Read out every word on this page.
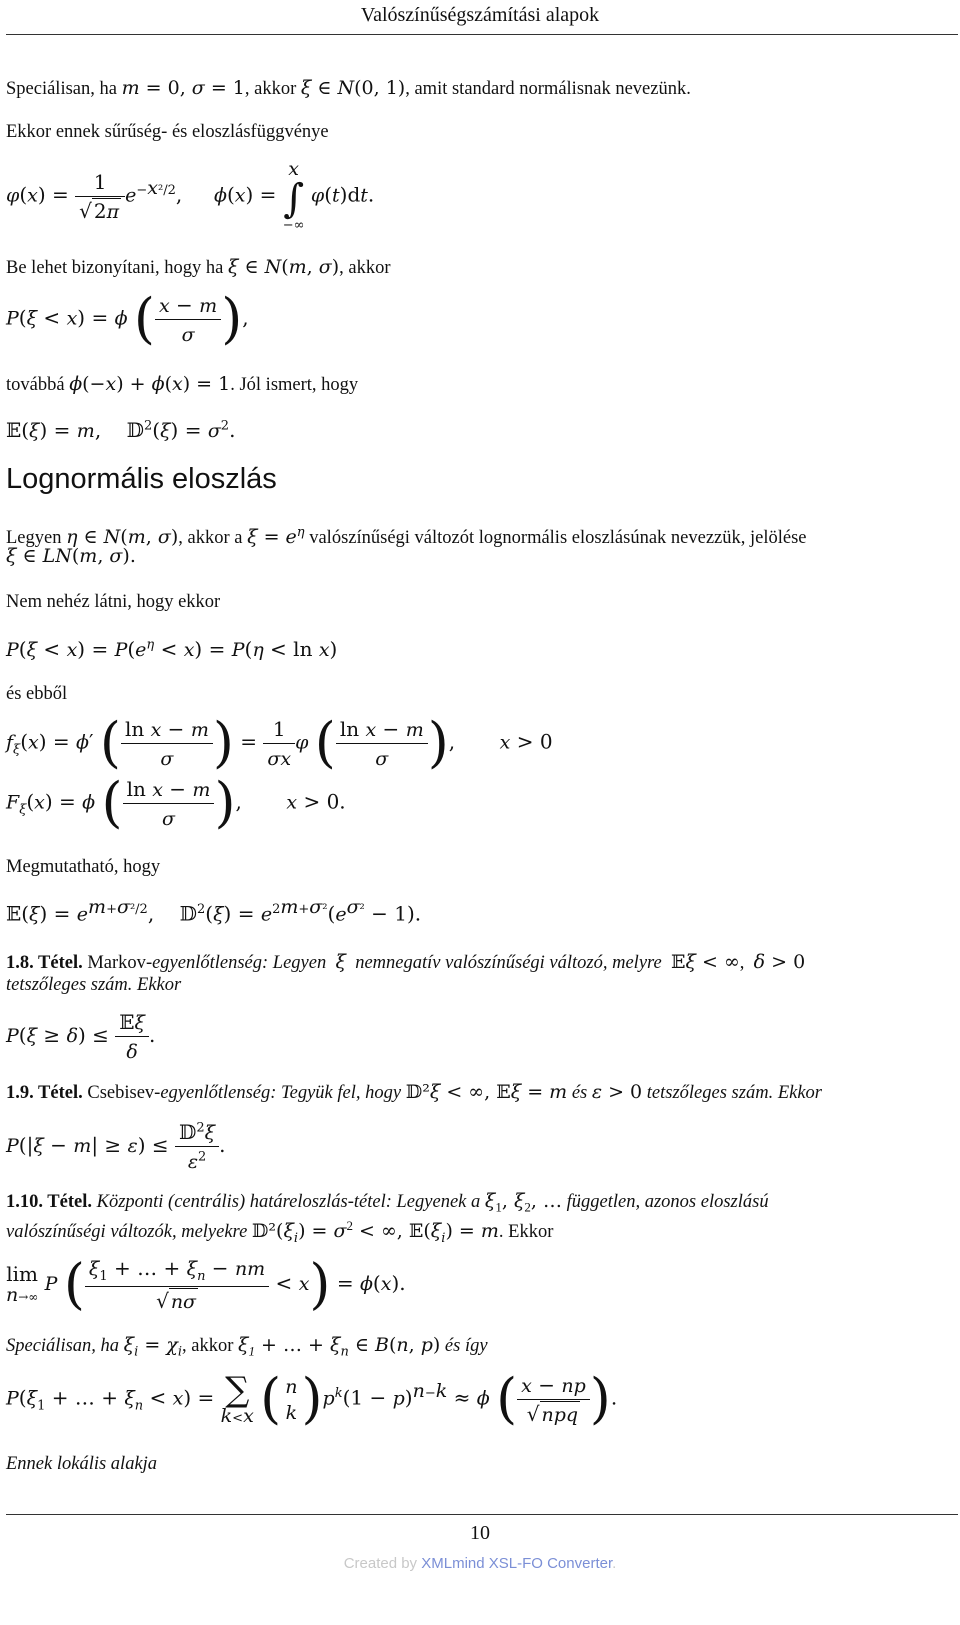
Valószínűségszámítási alapok
Speciálisan, ha m = 0, σ = 1, akkor ξ ∈ N(0, 1), amit standard normálisnak nevezünk.
Ekkor ennek sűrűség- és eloszlásfüggvénye
$\varphi(x) = \frac{1}{√ 2\pi} e^{-x^2/2}$,     ϕ(x) =
x
∫
−∞
φ(t)dt.
Be lehet bizonyítani, hogy ha ξ ∈ N(m, σ), akkor
P(ξ < x) = ϕ ( $\frac{x - m}{\sigma}$ ),
továbbá ϕ(−x) + ϕ(x) = 1. Jól ismert, hogy
𝔼(ξ) = m,    𝔻$^2$(ξ) = $\sigma^2$.
Lognormális eloszlás
Legyen η ∈ N(m, σ), akkor a $\xi = e^\eta$ valószínűségi változót lognormális eloszlásúnak nevezzük, jelölése
ξ ∈ LN(m, σ).
Nem nehéz látni, hogy ekkor
$P(\xi < x) = P(e^\eta < x) = P(\eta < \ln x)$
és ebből
$f_\xi(x) = \phi'$ ( $\frac{\text{ln x − m}}{\sigma}$ ) = $\frac{1}{\sigma x}$ φ ( $\frac{\text{ln x − m}}{\sigma}$ ),       x > 0
$F_\xi(x) = \phi$ ( $\frac{\text{ln x − m}}{\sigma}$ ),       x > 0.
Megmutatható, hogy
𝔼(ξ) = $e^{m+\sigma^2/2}$,    𝔻$^2$(ξ) = $e^{2m+\sigma^2}(e^{\sigma^2} - 1)$.
1.8. Tétel. Markov-egyenlőtlenség: Legyen ξ nemnegatív valószínűségi változó, melyre 𝔼ξ < ∞,  δ > 0
tetszőleges szám. Ekkor
$P(\xi \ge \delta) \le \frac{\text{𝔼ξ}}{\delta}$ .
1.9. Tétel. Csebisev-egyenlőtlenség: Tegyük fel, hogy 𝔻²ξ < ∞, 𝔼ξ = m és ε > 0 tetszőleges szám. Ekkor
$P(|\xi - m| \ge \varepsilon) \le \frac{𝔻^2\xi}{\varepsilon^2}$ .
1.10. Tétel. Központi (centrális) határeloszlás-tétel: Legyenek a $\xi_1$, $\xi_2$, … független, azonos eloszlású
valószínűségi változók, melyekre $𝔻^2(\xi_i) = \sigma^2$ < ∞, $𝔼(\xi_i) = m$. Ekkor
lim
n→∞
P ( $\frac{\xi_1 + \dots + \xi_n - nm}{√ n\sigma} < x) = \phi(x)$.
Speciálisan, ha $\xi_i = \chi_i$, akkor $\xi_1$ + … + $\xi_n$ ∈ B(n, p) és így
$P(\xi_1$ + … + $\xi_n < x$) = ∑
k<x ( n
k )$p^k(1 - p)^{n-k} \approx \phi$ ( $\frac{x - np}{\text{√ npq}}$ ).
Ennek lokális alakja
10
Created by XMLmind XSL-FO Converter.
